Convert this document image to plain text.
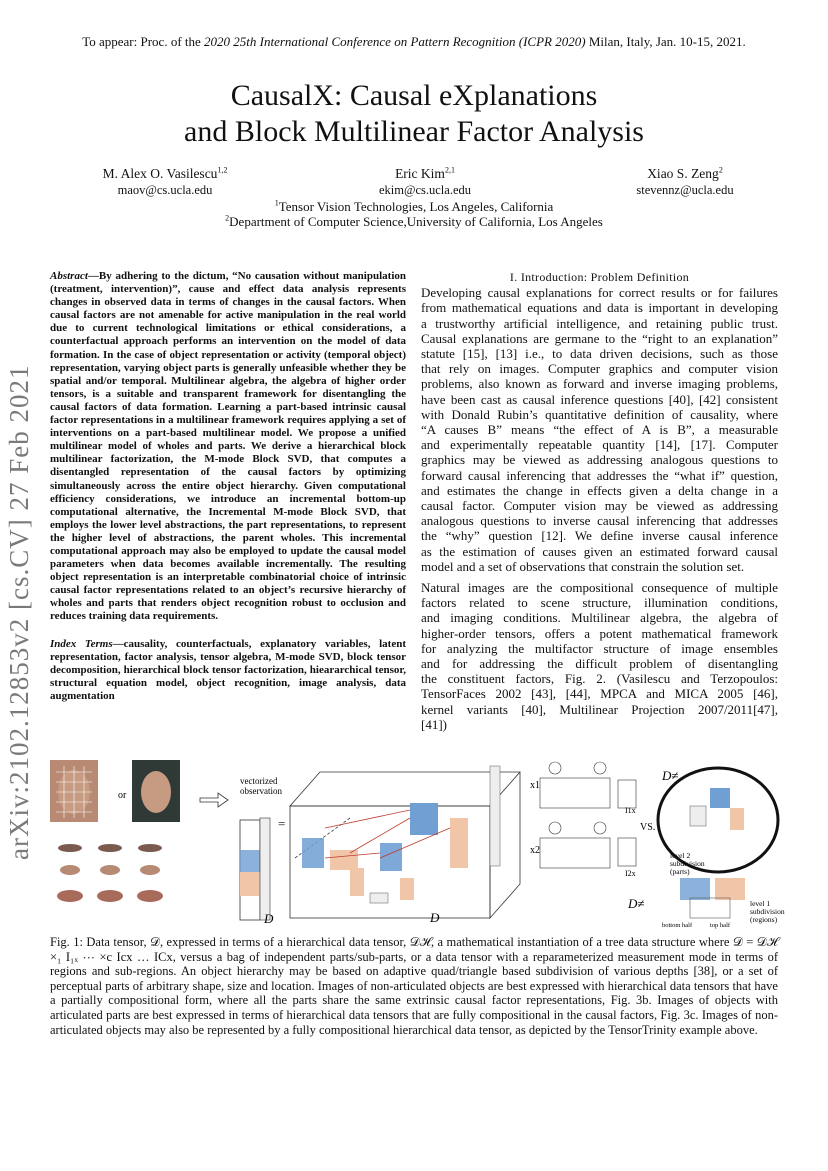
To appear: Proc. of the 2020 25th International Conference on Pattern Recognition (ICPR 2020) Milan, Italy, Jan. 10-15, 2021.
CausalX: Causal eXplanations
and Block Multilinear Factor Analysis
M. Alex O. Vasilescu$^{1,2}$
maov@cs.ucla.edu
Eric Kim$^{2,1}$
ekim@cs.ucla.edu
Xiao S. Zeng$^2$
stevennz@ucla.edu
$^1$Tensor Vision Technologies, Los Angeles, California
$^2$Department of Computer Science,University of California, Los Angeles
arXiv:2102.12853v2 [cs.CV] 27 Feb 2021

Abstract—By adhering to the dictum, “No causation without manipulation (treatment, intervention)”, cause and effect data analysis represents changes in observed data in terms of changes in the causal factors. When causal factors are not amenable for active manipulation in the real world due to current technological limitations or ethical considerations, a counterfactual approach performs an intervention on the model of data formation. In the case of object representation or activity (temporal object) representation, varying object parts is generally unfeasible whether they be spatial and/or temporal. Multilinear algebra, the algebra of higher order tensors, is a suitable and transparent framework for disentangling the causal factors of data formation. Learning a part-based intrinsic causal factor representations in a multilinear framework requires applying a set of interventions on a part-based multilinear model. We propose a unified multilinear model of wholes and parts. We derive a hierarchical block multilinear factorization, the M-mode Block SVD, that computes a disentangled representation of the causal factors by optimizing simultaneously across the entire object hierarchy. Given computational efficiency considerations, we introduce an incremental bottom-up computational alternative, the Incremental M-mode Block SVD, that employs the lower level abstractions, the part representations, to represent the higher level of abstractions, the parent wholes. This incremental computational approach may also be employed to update the causal model parameters when data becomes available incrementally. The resulting object representation is an interpretable combinatorial choice of intrinsic causal factor representations related to an object’s recursive hierarchy of wholes and parts that renders object recognition robust to occlusion and reduces training data requirements.

Index Terms—causality, counterfactuals, explanatory variables, latent representation, factor analysis, tensor algebra, M-mode SVD, block tensor decomposition, hierarchical block tensor factorization, hieararchical tensor, structural equation model, object recognition, image analysis, data augmentation

I. Introduction: Problem Definition

Developing causal explanations for correct results or for failures
from mathematical equations and data is important in developing
a trustworthy artificial intelligence, and retaining public trust.
Causal explanations are germane to the “right to an explanation”
statute [15], [13] i.e., to data driven decisions, such as those
that rely on images. Computer graphics and computer vision
problems, also known as forward and inverse imaging problems,
have been cast as causal inference questions [40], [42] consistent
with Donald Rubin’s quantitative definition of causality, where
“A causes B” means “the effect of A is B”, a measurable
and experimentally repeatable quantity [14], [17]. Computer
graphics may be viewed as addressing analogous questions to
forward causal inferencing that addresses the “what if” question,
and estimates the change in effects given a delta change in a
causal factor. Computer vision may be viewed as addressing
analogous questions to inverse causal inferencing that addresses
the “why” question [12]. We define inverse causal inference
as the estimation of causes given an estimated forward causal
model and a set of observations that constrain the solution set.

Natural images are the compositional consequence of multiple
factors related to scene structure, illumination conditions,
and imaging conditions. Multilinear algebra, the algebra of
higher-order tensors, offers a potent mathematical framework
for analyzing the multifactor structure of image ensembles
and for addressing the difficult problem of disentangling
the constituent factors, Fig. 2. (Vasilescu and Terzopoulos:
TensorFaces 2002 [43], [44], MPCA and MICA 2005 [46],
kernel variants [40], Multilinear Projection 2007/2011[47],
[41])

or
vectorized observation
D
=
D
x1
I1x
x2
I2x
VS.
D≠
D≠
level 2 subdivision (parts)
level 1 subdivision (regions)
bottom half	top half
Fig. 1: Data tensor, 𝒟, expressed in terms of a hierarchical data tensor, 𝒟ℋ, a mathematical instantiation of a tree data structure where 𝒟 = 𝒟ℋ ×₁ I₁ₓ ⋯ ×c Icx … ICx, versus a bag of independent parts/sub-parts, or a data tensor with a reparameterized measurement mode in terms of regions and sub-regions. An object hierarchy may be based on adaptive quad/triangle based subdivision of various depths [38], or a set of perceptual parts of arbitrary shape, size and location. Images of non-articulated objects are best expressed with hierarchical data tensors that have a partially compositional form, where all the parts share the same extrinsic causal factor representations, Fig. 3b. Images of objects with articulated parts are best expressed in terms of hierarchical data tensors that are fully compositional in the causal factors, Fig. 3c. Images of non-articulated objects may also be represented by a fully compositional hierarchical data tensor, as depicted by the TensorTrinity example above.
